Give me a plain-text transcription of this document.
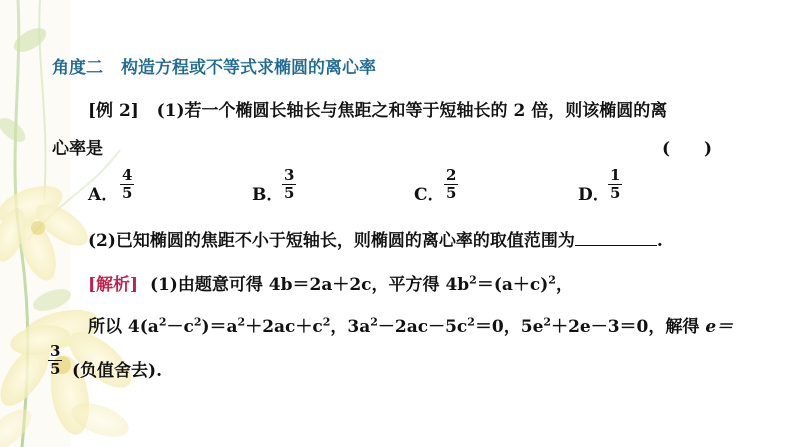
角度二 构造方程或不等式求椭圆的离心率
[例 2] (1)若一个椭圆长轴长与焦距之和等于短轴长的 2 倍，则该椭圆的离
心率是	(　　)
A． $\frac{4}{5}$	B．
$\frac{3}{5}$	C． $\frac{2}{5}$	D．
$\frac{1}{5}$
(2)已知椭圆的焦距不小于短轴长，则椭圆的离心率的取值范围为	.
[解析] (1)由题意可得 4b＝2a＋2c，平方得 $4b^2=(a+c)^2$，
所以 $4(a^2-c^2)=a^2+2ac+c^2$，$3a^2-2ac-5c^2=0$，$5e^2+2e-3=0$，解得 e＝
$\frac{3}{5}$ (负值舍去).
